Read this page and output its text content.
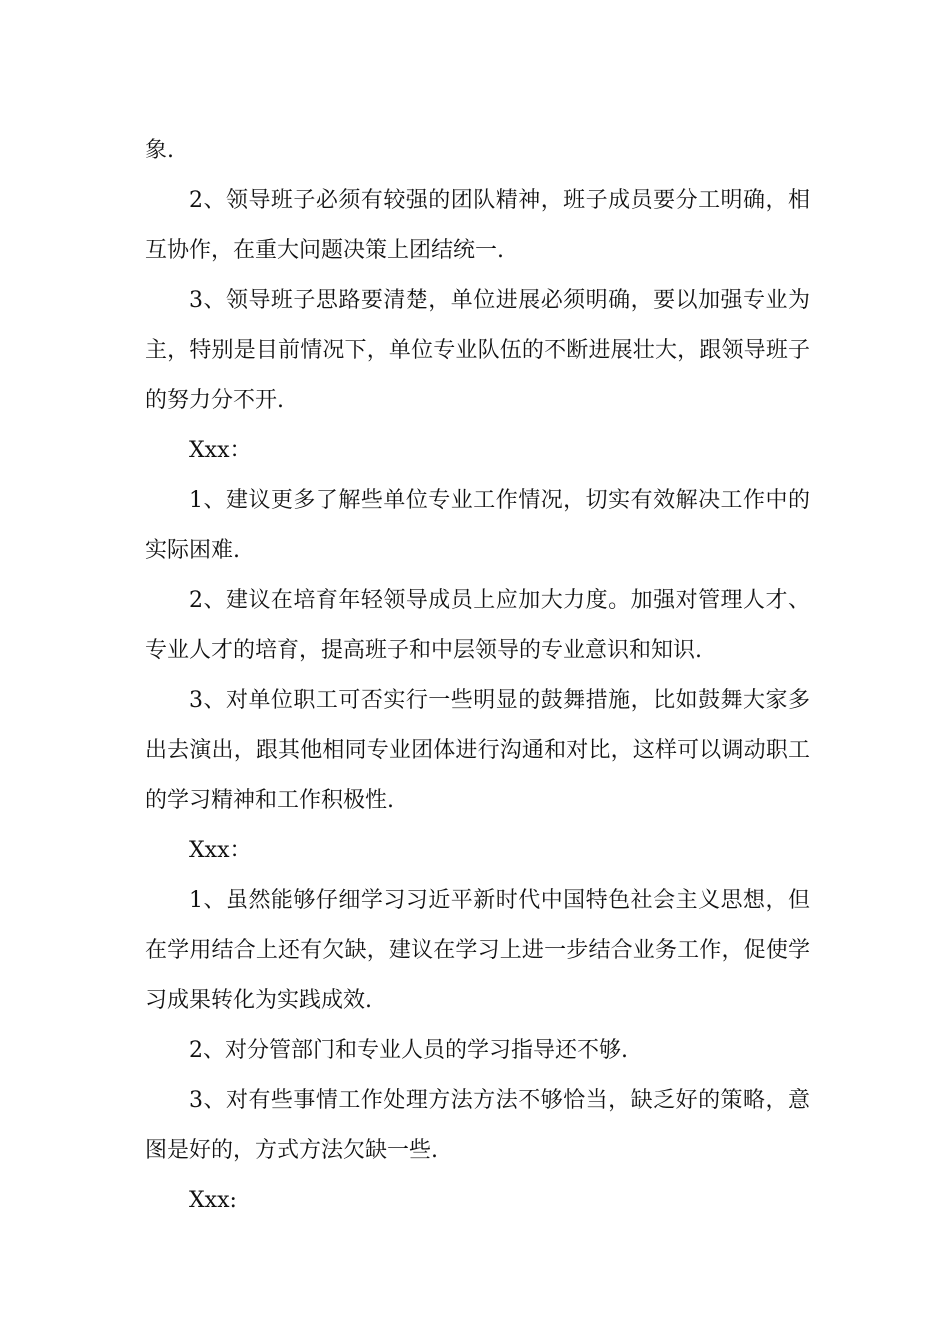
象.

2、领导班子必须有较强的团队精神，班子成员要分工明确，相互协作，在重大问题决策上团结统一.

3、领导班子思路要清楚，单位进展必须明确，要以加强专业为主，特别是目前情况下，单位专业队伍的不断进展壮大，跟领导班子的努力分不开.

Xxx：

1、建议更多了解些单位专业工作情况，切实有效解决工作中的实际困难.

2、建议在培育年轻领导成员上应加大力度。加强对管理人才、专业人才的培育，提高班子和中层领导的专业意识和知识.

3、对单位职工可否实行一些明显的鼓舞措施，比如鼓舞大家多出去演出，跟其他相同专业团体进行沟通和对比，这样可以调动职工的学习精神和工作积极性.

Xxx：

1、虽然能够仔细学习习近平新时代中国特色社会主义思想，但在学用结合上还有欠缺，建议在学习上进一步结合业务工作，促使学习成果转化为实践成效.

2、对分管部门和专业人员的学习指导还不够.

3、对有些事情工作处理方法方法不够恰当，缺乏好的策略，意图是好的，方式方法欠缺一些.

Xxx:
